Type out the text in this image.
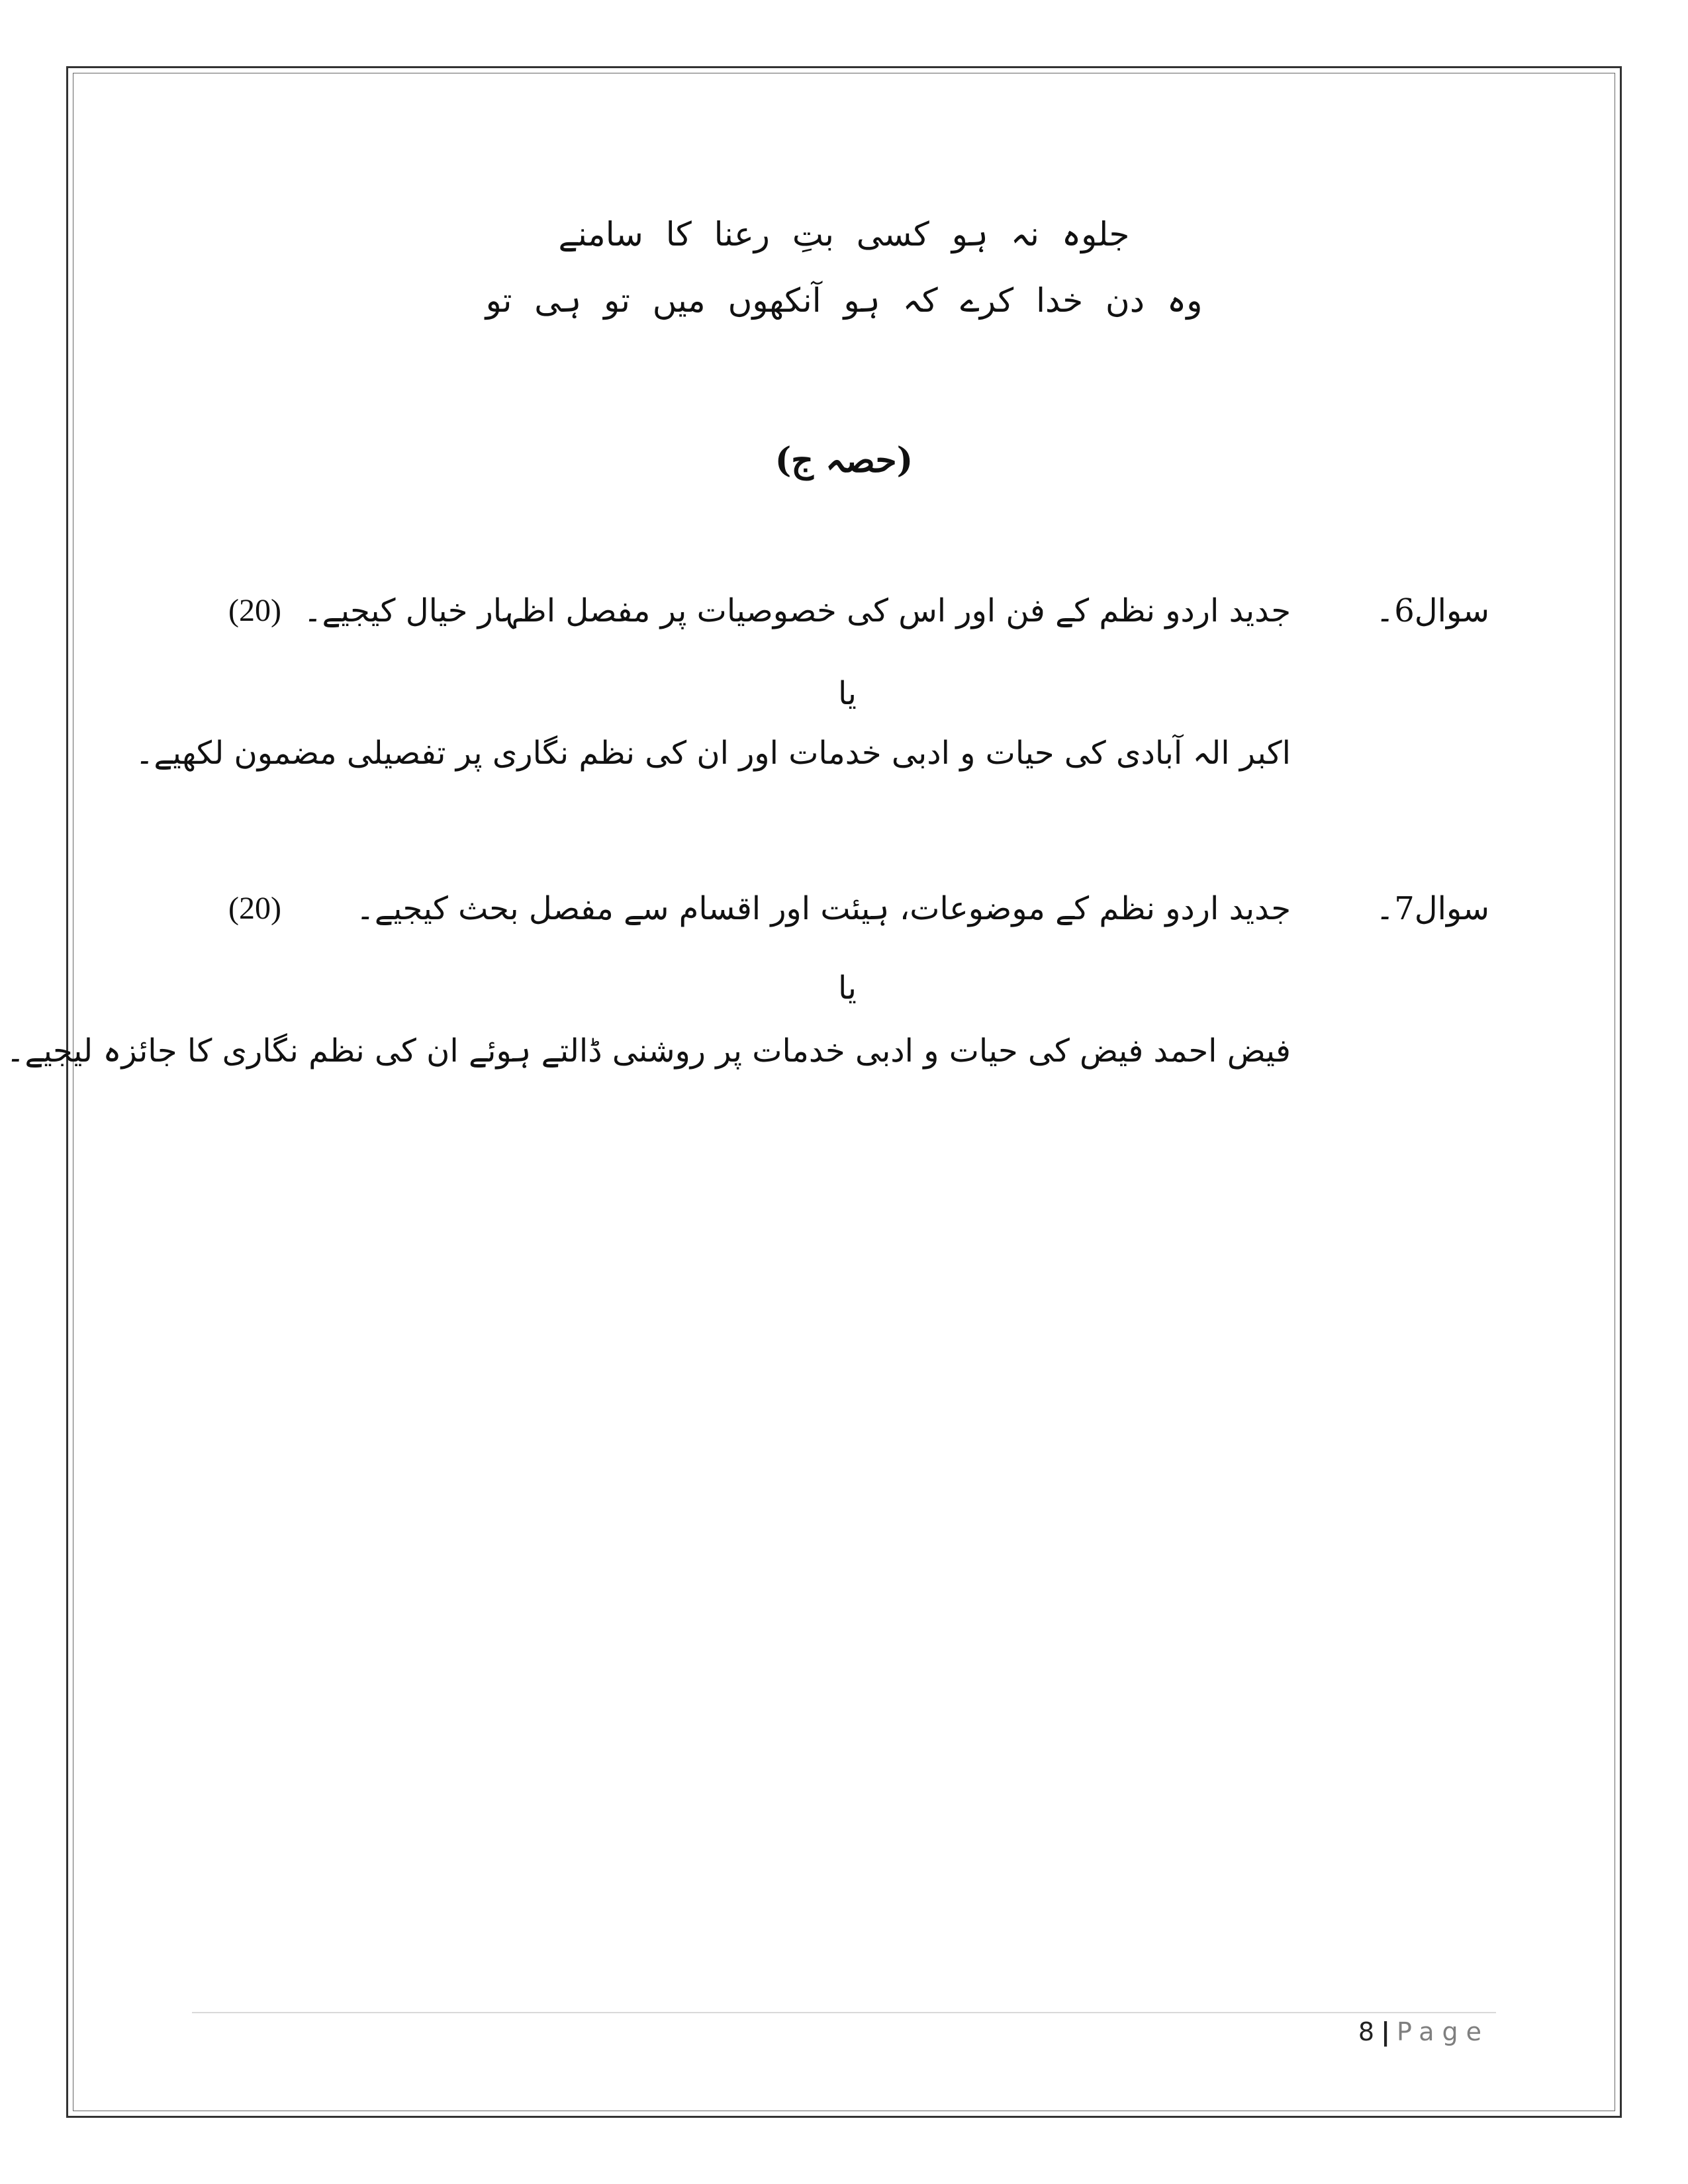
جلوہ نہ ہو کسی بتِ رعنا کا سامنے
وہ دن خدا کرے کہ ہو آنکھوں میں تو ہی تو
(حصہ ج)
سوال6۔
جدید اردو نظم کے فن اور اس کی خصوصیات پر مفصل اظہار خیال کیجیے۔
(20)
یا
اکبر الہ آبادی کی حیات و ادبی خدمات اور ان کی نظم نگاری پر تفصیلی مضمون لکھیے۔
سوال7۔
جدید اردو نظم کے موضوعات، ہیئت اور اقسام سے مفصل بحث کیجیے۔
(20)
یا
فیض احمد فیض کی حیات و ادبی خدمات پر روشنی ڈالتے ہوئے ان کی نظم نگاری کا جائزہ لیجیے۔
8 | Page
